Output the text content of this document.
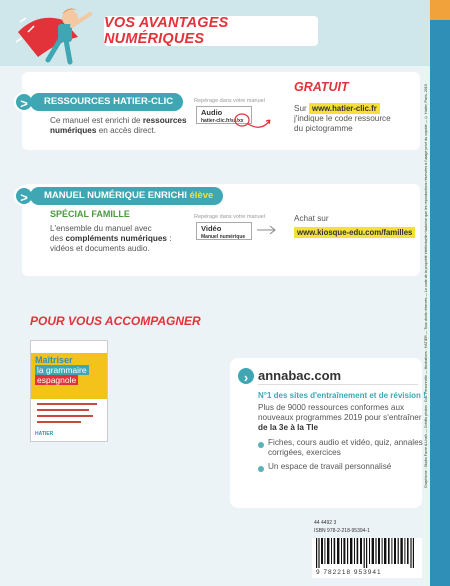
VOS AVANTAGES NUMÉRIQUES
Graphisme : Studio Favre & Lhaïk — Crédits photos : Coll. Personnelle — Illustrations : HATIER — Tous droits réservés — Le code de la propriété intellectuelle n'autorise que les reproductions réservées à l'usage privé du copiste — © Hatier, Paris, 2019
>	RESSOURCES HATIER-CLIC
Ce manuel est enrichi de ressources
numériques en accès direct.
Repérage dans votre manuel
Audio
hatier-clic.fr/ss/xx
GRATUIT
Sur www.hatier-clic.fr
j'indique le code ressource
du pictogramme
>	MANUEL NUMÉRIQUE ENRICHI élève
SPÉCIAL FAMILLE
L'ensemble du manuel avec
des compléments numériques :
vidéos et documents audio.
Repérage dans votre manuel
Vidéo
Manuel numérique
Achat sur
www.kiosque-edu.com/familles
POUR VOUS ACCOMPAGNER
Maîtriser
la grammaire
espagnole
HATIER
› annabac.com
N°1 des sites d'entraînement et de révision !
Plus de 9000 ressources conformes aux
nouveaux programmes 2019 pour s'entraîner
de la 3e à la Tle
Fiches, cours audio et vidéo, quiz, annales
corrigées, exercices
Un espace de travail personnalisé
44 4492 3
ISBN 978-2-218-95394-1
9 782218 953941
